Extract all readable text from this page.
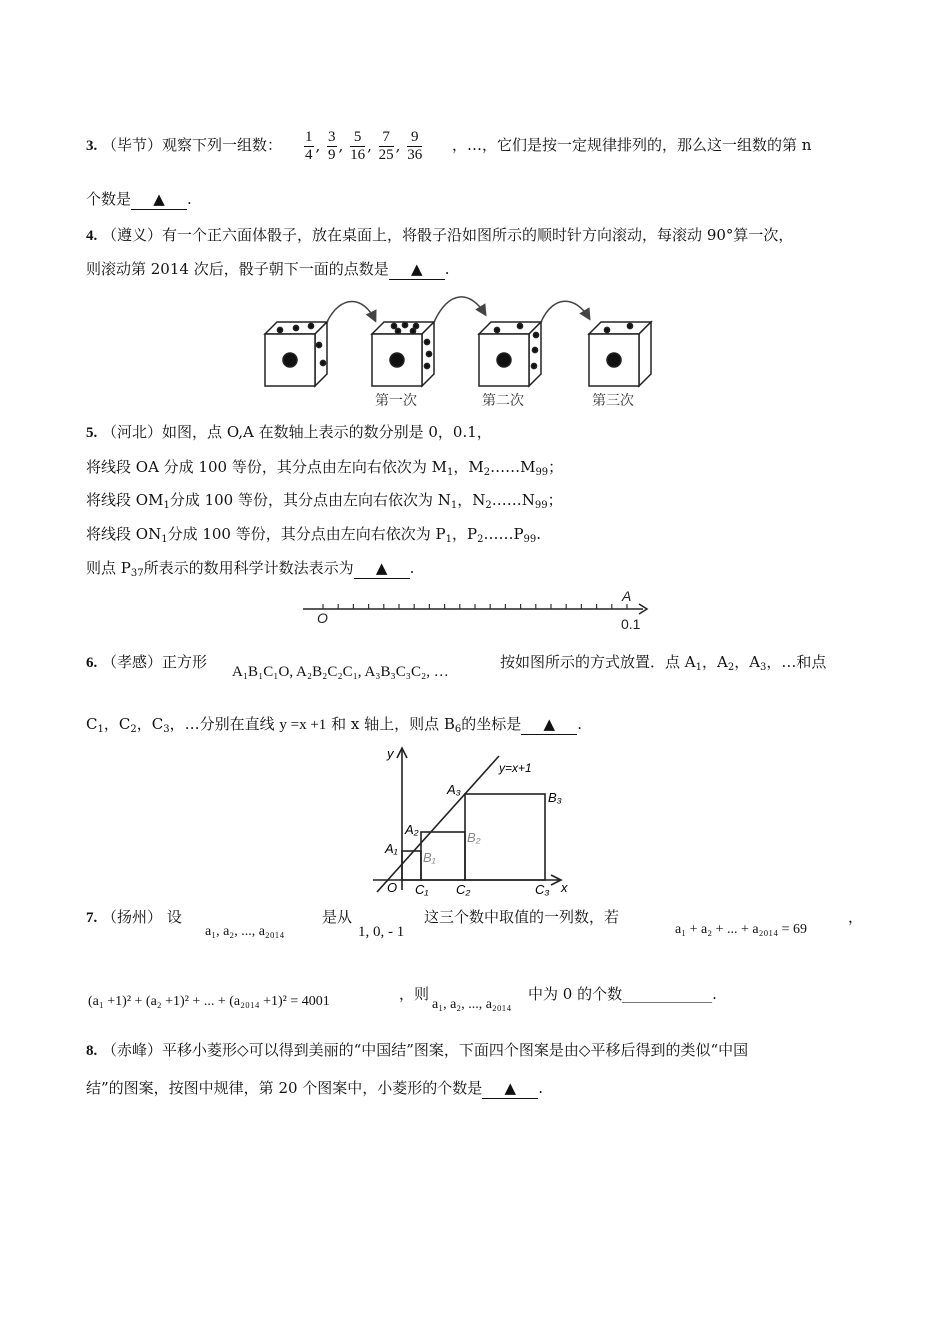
3. （毕节）观察下列一组数： $\frac{1}{4}$ , $\frac{3}{9}$ , $\frac{5}{16}$ , $\frac{7}{25}$ , $\frac{9}{36}$ ，…，它们是按一定规律排列的，那么这一组数的第 n
个数是 ▲ .
4. （遵义）有一个正六面体骰子，放在桌面上，将骰子沿如图所示的顺时针方向滚动，每滚动 90°算一次，
则滚动第 2014 次后，骰子朝下一面的点数是 ▲ .
第一次	第二次	第三次
5. （河北）如图，点 O,A 在数轴上表示的数分别是 0，0.1，
将线段 OA 分成 100 等份，其分点由左向右依次为 $M_1$，$M_2\dots\dots M_{99}$；
将线段 $OM_1$分成 100 等份，其分点由左向右依次为 $N_1$，$N_2\dots\dots N_{99}$；
将线段 $ON_1$分成 100 等份，其分点由左向右依次为 $P_1$，$P_2\dots\dots P_{99}$.
则点 $P_{37}$所表示的数用科学计数法表示为 ▲ .
O
A
0.1
6. （孝感）正方形
A₁B₁C₁O, A₂B₂C₂C₁, A₃B₃C₃C₂, …
按如图所示的方式放置．点 $A_1$，$A_2$，$A_3$，…和点
$C_1$，$C_2$，$C_3$，…分别在直线 y =x +1 和 x 轴上，则点 $B_6$的坐标是 ▲ .
y
x
y=x+1
O
A₁
A₂
A₃
B₁
B₂
B₃
C₁ C₂	C₃
7. （扬州） 设
a₁, a₂, ..., a₂₀₁₄
是从
1, 0, - 1
这三个数中取值的一列数，若
a₁ + a₂ + ... + a₂₀₁₄ = 69
，
(a₁ +1)² + (a₂ +1)² + ... + (a₂₀₁₄ +1)² = 4001	，则
a₁, a₂, ..., a₂₀₁₄
中为 0 的个数____________.
8. （赤峰）平移小菱形◇可以得到美丽的“中国结”图案，下面四个图案是由◇平移后得到的类似“中国
结”的图案，按图中规律，第 20 个图案中，小菱形的个数是 ▲ .
